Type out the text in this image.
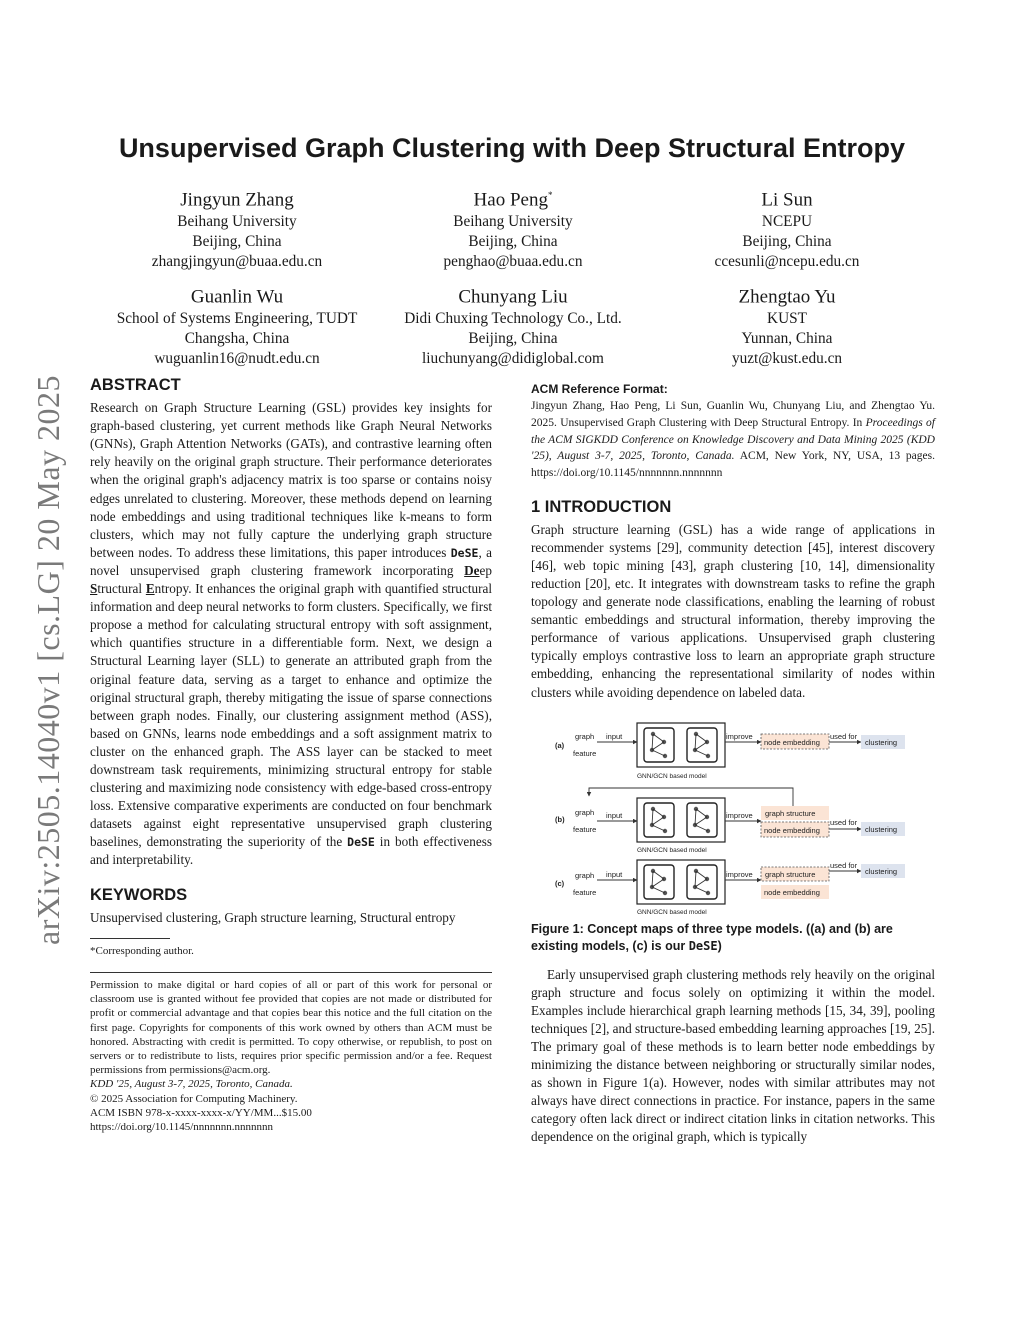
arXiv:2505.14040v1 [cs.LG] 20 May 2025
Unsupervised Graph Clustering with Deep Structural Entropy
Jingyun Zhang
Beihang University
Beijing, China
zhangjingyun@buaa.edu.cn
Hao Peng*
Beihang University
Beijing, China
penghao@buaa.edu.cn
Li Sun
NCEPU
Beijing, China
ccesunli@ncepu.edu.cn
Guanlin Wu
School of Systems Engineering, TUDT
Changsha, China
wuguanlin16@nudt.edu.cn
Chunyang Liu
Didi Chuxing Technology Co., Ltd.
Beijing, China
liuchunyang@didiglobal.com
Zhengtao Yu
KUST
Yunnan, China
yuzt@kust.edu.cn
ABSTRACT

Research on Graph Structure Learning (GSL) provides key insights for graph-based clustering, yet current methods like Graph Neural Networks (GNNs), Graph Attention Networks (GATs), and contrastive learning often rely heavily on the original graph structure. Their performance deteriorates when the original graph's adjacency matrix is too sparse or contains noisy edges unrelated to clustering. Moreover, these methods depend on learning node embeddings and using traditional techniques like k-means to form clusters, which may not fully capture the underlying graph structure between nodes. To address these limitations, this paper introduces DeSE, a novel unsupervised graph clustering framework incorporating Deep Structural Entropy. It enhances the original graph with quantified structural information and deep neural networks to form clusters. Specifically, we first propose a method for calculating structural entropy with soft assignment, which quantifies structure in a differentiable form. Next, we design a Structural Learning layer (SLL) to generate an attributed graph from the original feature data, serving as a target to enhance and optimize the original structural graph, thereby mitigating the issue of sparse connections between graph nodes. Finally, our clustering assignment method (ASS), based on GNNs, learns node embeddings and a soft assignment matrix to cluster on the enhanced graph. The ASS layer can be stacked to meet downstream task requirements, minimizing structural entropy for stable clustering and maximizing node consistency with edge-based cross-entropy loss. Extensive comparative experiments are conducted on four benchmark datasets against eight representative unsupervised graph clustering baselines, demonstrating the superiority of the DeSE in both effectiveness and interpretability.

KEYWORDS

Unsupervised clustering, Graph structure learning, Structural entropy

*Corresponding author.

Permission to make digital or hard copies of all or part of this work for personal or classroom use is granted without fee provided that copies are not made or distributed for profit or commercial advantage and that copies bear this notice and the full citation on the first page. Copyrights for components of this work owned by others than ACM must be honored. Abstracting with credit is permitted. To copy otherwise, or republish, to post on servers or to redistribute to lists, requires prior specific permission and/or a fee. Request permissions from permissions@acm.org.

KDD '25, August 3-7, 2025, Toronto, Canada.

© 2025 Association for Computing Machinery.

ACM ISBN 978-x-xxxx-xxxx-x/YY/MM...$15.00

https://doi.org/10.1145/nnnnnnn.nnnnnnn

ACM Reference Format:

Jingyun Zhang, Hao Peng, Li Sun, Guanlin Wu, Chunyang Liu, and Zhengtao Yu. 2025. Unsupervised Graph Clustering with Deep Structural Entropy. In Proceedings of the ACM SIGKDD Conference on Knowledge Discovery and Data Mining 2025 (KDD '25), August 3-7, 2025, Toronto, Canada. ACM, New York, NY, USA, 13 pages. https://doi.org/10.1145/nnnnnnn.nnnnnnn

1 INTRODUCTION

Graph structure learning (GSL) has a wide range of applications in recommender systems [29], community detection [45], interest discovery [46], web topic mining [43], graph clustering [10, 14], dimensionality reduction [20], etc. It integrates with downstream tasks to refine the graph topology and generate node classifications, enabling the learning of robust semantic embeddings and structural information, thereby improving the performance of various applications. Unsupervised graph clustering typically employs contrastive loss to learn an appropriate graph structure embedding, enhancing the representational similarity of nodes within clusters while avoiding dependence on labeled data.

(a)
graph
feature
input
GNN/GCN based model
improve
node embedding
used for
clustering
(b)
graph
feature
input
GNN/GCN based model
improve graph structure
node embedding
used for
clustering
(c)
graph
feature
input
GNN/GCN based model
improve graph structure
node embedding
used for
clustering

Figure 1: Concept maps of three type models. ((a) and (b) are existing models, (c) is our DeSE)

Early unsupervised graph clustering methods rely heavily on the original graph structure and focus solely on optimizing it within the model. Examples include hierarchical graph learning methods [15, 34, 39], pooling techniques [2], and structure-based embedding learning approaches [19, 25]. The primary goal of these methods is to learn better node embeddings by minimizing the distance between neighboring or structurally similar nodes, as shown in Figure 1(a). However, nodes with similar attributes may not always have direct connections in practice. For instance, papers in the same category often lack direct or indirect citation links in citation networks. This dependence on the original graph, which is typically
